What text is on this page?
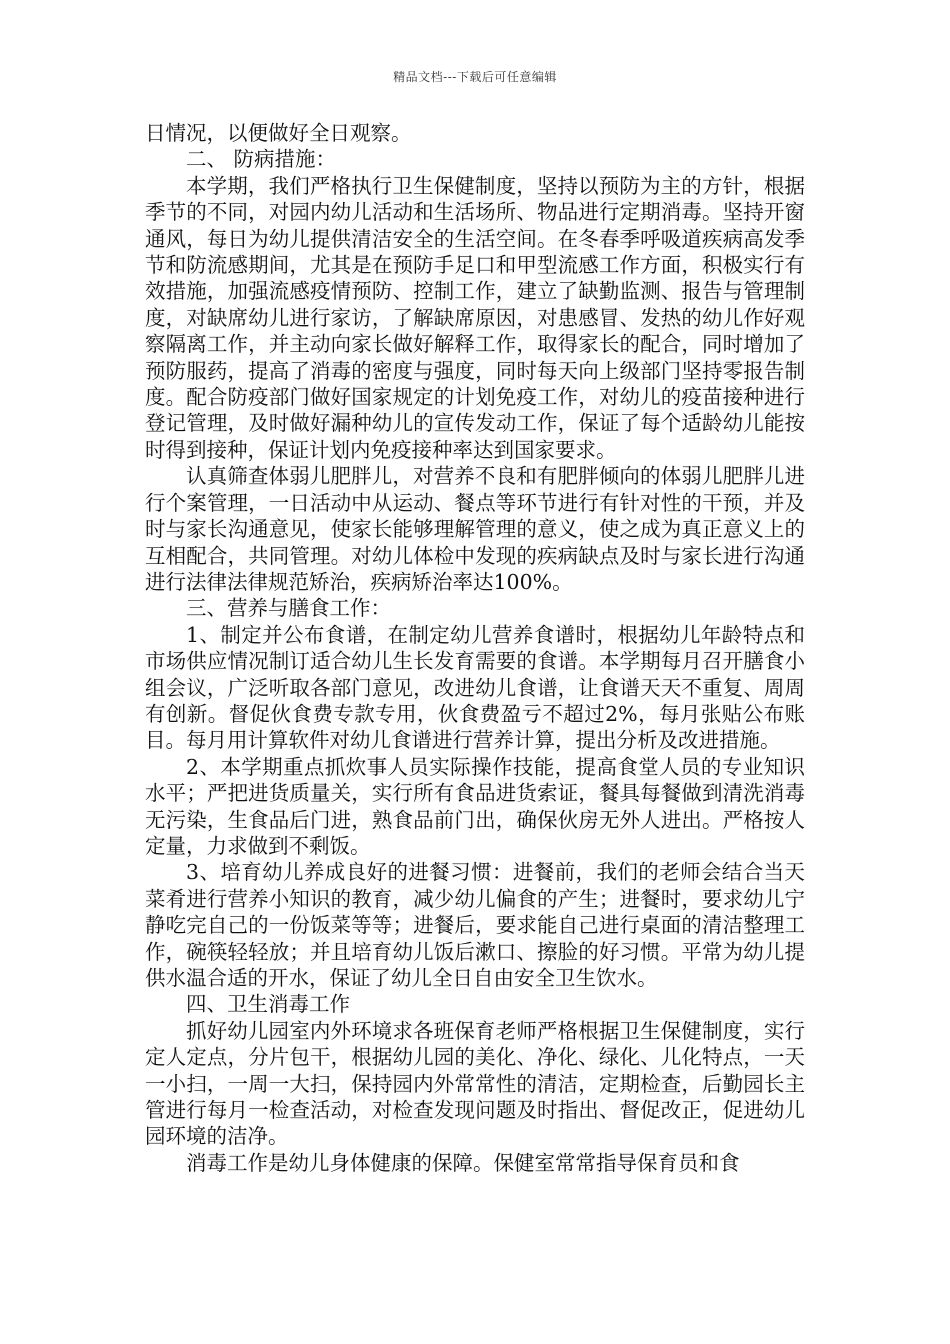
精品文档---下载后可任意编辑

日情况，以便做好全日观察。

二、 防病措施：

本学期，我们严格执行卫生保健制度，坚持以预防为主的方针，根据季节的不同，对园内幼儿活动和生活场所、物品进行定期消毒。坚持开窗通风，每日为幼儿提供清洁安全的生活空间。在冬春季呼吸道疾病高发季节和防流感期间，尤其是在预防手足口和甲型流感工作方面，积极实行有效措施，加强流感疫情预防、控制工作，建立了缺勤监测、报告与管理制度，对缺席幼儿进行家访，了解缺席原因，对患感冒、发热的幼儿作好观察隔离工作，并主动向家长做好解释工作，取得家长的配合，同时增加了预防服药，提高了消毒的密度与强度，同时每天向上级部门坚持零报告制度。配合防疫部门做好国家规定的计划免疫工作，对幼儿的疫苗接种进行登记管理，及时做好漏种幼儿的宣传发动工作，保证了每个适龄幼儿能按时得到接种，保证计划内免疫接种率达到国家要求。

认真筛查体弱儿肥胖儿，对营养不良和有肥胖倾向的体弱儿肥胖儿进行个案管理，一日活动中从运动、餐点等环节进行有针对性的干预，并及时与家长沟通意见，使家长能够理解管理的意义，使之成为真正意义上的互相配合，共同管理。对幼儿体检中发现的疾病缺点及时与家长进行沟通进行法律法律规范矫治，疾病矫治率达100%。

三、营养与膳食工作：

1、制定并公布食谱，在制定幼儿营养食谱时，根据幼儿年龄特点和市场供应情况制订适合幼儿生长发育需要的食谱。本学期每月召开膳食小组会议，广泛听取各部门意见，改进幼儿食谱，让食谱天天不重复、周周有创新。督促伙食费专款专用，伙食费盈亏不超过2%，每月张贴公布账目。每月用计算软件对幼儿食谱进行营养计算，提出分析及改进措施。

2、本学期重点抓炊事人员实际操作技能，提高食堂人员的专业知识水平；严把进货质量关，实行所有食品进货索证，餐具每餐做到清洗消毒无污染，生食品后门进，熟食品前门出，确保伙房无外人进出。严格按人定量，力求做到不剩饭。

3、培育幼儿养成良好的进餐习惯：进餐前，我们的老师会结合当天菜肴进行营养小知识的教育，减少幼儿偏食的产生；进餐时，要求幼儿宁静吃完自己的一份饭菜等等；进餐后，要求能自己进行桌面的清洁整理工作，碗筷轻轻放；并且培育幼儿饭后漱口、擦脸的好习惯。平常为幼儿提供水温合适的开水，保证了幼儿全日自由安全卫生饮水。

四、卫生消毒工作

抓好幼儿园室内外环境求各班保育老师严格根据卫生保健制度，实行定人定点，分片包干，根据幼儿园的美化、净化、绿化、儿化特点，一天一小扫，一周一大扫，保持园内外常常性的清洁，定期检查，后勤园长主管进行每月一检查活动，对检查发现问题及时指出、督促改正，促进幼儿园环境的洁净。

消毒工作是幼儿身体健康的保障。保健室常常指导保育员和食
